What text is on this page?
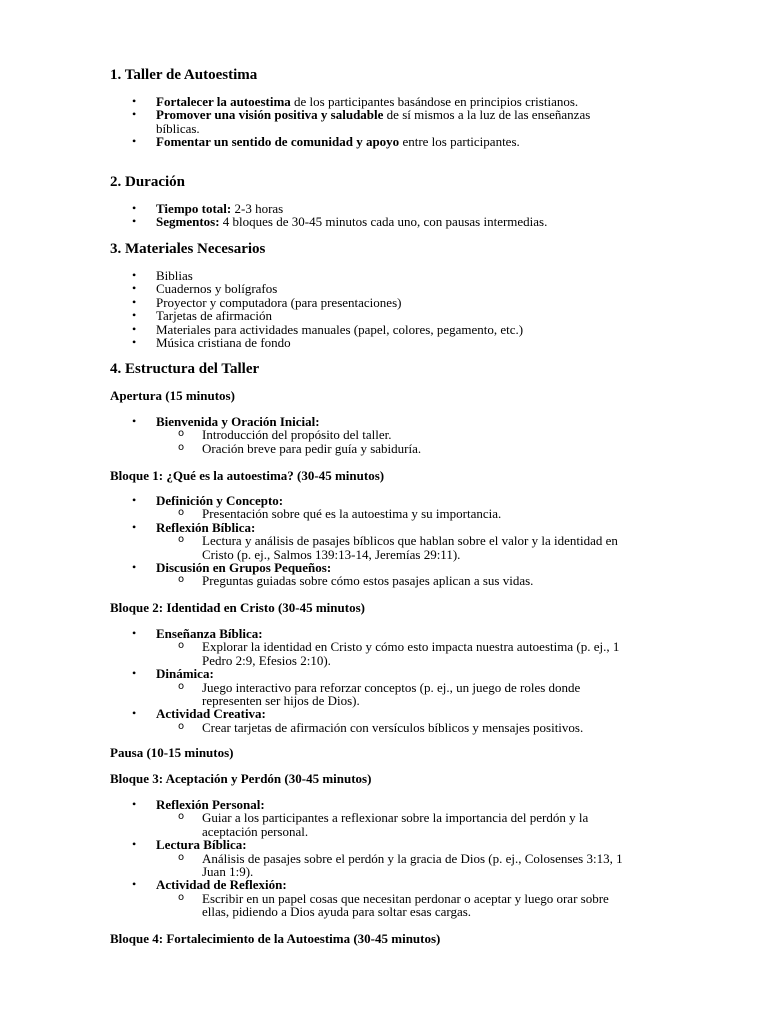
1. Taller de Autoestima
• Fortalecer la autoestima de los participantes basándose en principios cristianos.
• Promover una visión positiva y saludable de sí mismos a la luz de las enseñanzas bíblicas.
• Fomentar un sentido de comunidad y apoyo entre los participantes.
2. Duración
• Tiempo total: 2-3 horas
• Segmentos: 4 bloques de 30-45 minutos cada uno, con pausas intermedias.
3. Materiales Necesarios
• Biblias
• Cuadernos y bolígrafos
• Proyector y computadora (para presentaciones)
• Tarjetas de afirmación
• Materiales para actividades manuales (papel, colores, pegamento, etc.)
• Música cristiana de fondo
4. Estructura del Taller
Apertura (15 minutos)
• Bienvenida y Oración Inicial:
o Introducción del propósito del taller.
o Oración breve para pedir guía y sabiduría.
Bloque 1: ¿Qué es la autoestima? (30-45 minutos)
• Definición y Concepto:
o Presentación sobre qué es la autoestima y su importancia.
• Reflexión Bíblica:
o Lectura y análisis de pasajes bíblicos que hablan sobre el valor y la identidad en Cristo (p. ej., Salmos 139:13-14, Jeremías 29:11).
• Discusión en Grupos Pequeños:
o Preguntas guiadas sobre cómo estos pasajes aplican a sus vidas.
Bloque 2: Identidad en Cristo (30-45 minutos)
• Enseñanza Bíblica:
o Explorar la identidad en Cristo y cómo esto impacta nuestra autoestima (p. ej., 1 Pedro 2:9, Efesios 2:10).
• Dinámica:
o Juego interactivo para reforzar conceptos (p. ej., un juego de roles donde representen ser hijos de Dios).
• Actividad Creativa:
o Crear tarjetas de afirmación con versículos bíblicos y mensajes positivos.
Pausa (10-15 minutos)
Bloque 3: Aceptación y Perdón (30-45 minutos)
• Reflexión Personal:
o Guiar a los participantes a reflexionar sobre la importancia del perdón y la aceptación personal.
• Lectura Bíblica:
o Análisis de pasajes sobre el perdón y la gracia de Dios (p. ej., Colosenses 3:13, 1 Juan 1:9).
• Actividad de Reflexión:
o Escribir en un papel cosas que necesitan perdonar o aceptar y luego orar sobre ellas, pidiendo a Dios ayuda para soltar esas cargas.
Bloque 4: Fortalecimiento de la Autoestima (30-45 minutos)
